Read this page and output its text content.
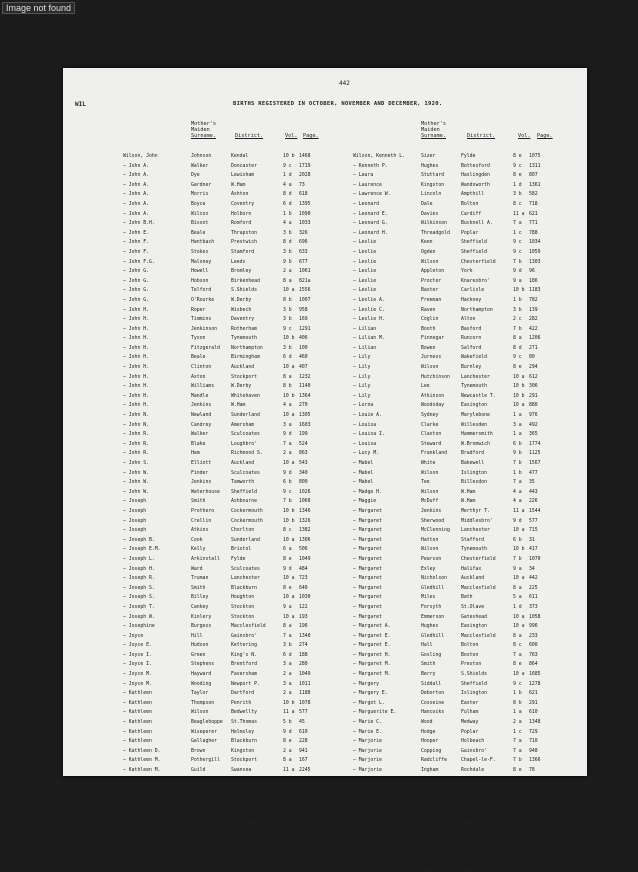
Image not found
442
WIL	BIRTHS REGISTERED IN OCTOBER, NOVEMBER AND DECEMBER, 1920.
Mother's
Maiden
Surname.	District.	Vol. Page.
Mother's
Maiden
Surname.	District.	Vol. Page.
Wilson, John	Johnson	Kendal	10 b 1468
— John A.	Walker	Doncaster	9 c	1719
— John A.	Dye	Lewisham	1 d	2028
— John A.	Gardner	W.Ham	4 a	73
— John A.	Morris	Ashton	8 d	618
— John A.	Boyce	Coventry	6 d	1395
— John A.	Wilcox	Holborn	1 b	1090
— John B.H.	Bissot	Romford	4 a	1033
— John E.	Beale	Thrapston	3 b	326
— John F.	Hantbach	Prestwich	8 d	696
— John F.	Stokes	Stamford	3 b	633
— John F.G.	Maloney	Leeds	9 b	677
— John G.	Howell	Bromley	2 a	1061
— John G.	Hobson	Birkenhead	8 a	821a
— John G.	Telford	S.Shields	10 a 1556
— John G.	O'Rourke	W.Derby	8 b	1007
— John H.	Roper	Wisbech	3 b	958
— John H.	Timmins	Daventry	3 b	169
— John H.	Jenkinson	Rotherham	9 c	1291
— John H.	Tyson	Tynemouth	10 b 406
— John H.	Fitzgerald	Northampton	3 b	100
— John H.	Beale	Birmingham	6 d	460
— John H.	Clinton	Auckland	10 a 407
— John H.	Aston	Stockport	8 a	1232
— John H.	Williams	W.Derby	8 b	1140
— John H.	Mandle	Whitehaven	10 b 1364
— John H.	Jenkins	W.Ham	4 a	270
— John N.	Newland	Sunderland	10 a 1305
— John N.	Candrey	Amersham	3 a	1603
— John R.	Walker	Sculcoates	9 d	199
— John R.	Blake	Loughbro'	7 a	524
— John R.	Ham	Richmond S.	2 a	863
— John S.	Elliott	Auckland	10 a 543
— John W.	Finder	Sculcoates	9 d	340
— John W.	Jenkins	Tamworth	6 b	800
— John W.	Waterhouse	Sheffield	9 c	1026
— Joseph	Smith	Ashbourne	7 b	1060
— Joseph	Prothero	Cockermouth	10 b 1346
— Joseph	Crellin	Cockermouth	10 b 1326
— Joseph	Atkins	Chorlton	8 c	1382
— Joseph B.	Cook	Sunderland	10 a 1306
— Joseph E.M.	Kelly	Bristol	6 a	506
— Joseph L.	Arkinstall	Fylde	8 e	1049
— Joseph H.	Ward	Sculcoates	9 d	484
— Joseph R.	Truman	Lanchester	10 a 723
— Joseph S.	Smith	Blackburn	8 e	640
— Joseph S.	Billey	Houghton	10 a 1030
— Joseph T.	Cankey	Stockton	9 a	122
— Joseph W.	Kinlery	Stockton	10 a 193
— Josephine	Burgess	Macclesfield	8 a	196
— Joyce	Hill	Gainsbro'	7 a	1340
— Joyce E.	Hudson	Kettering	3 b	274
— Joyce I.	Green	King's N.	6 d	188
— Joyce I.	Stephens	Brentford	3 a	280
— Joyce M.	Hayward	Faversham	2 a	1049
— Joyce M.	Wooding	Newport P.	3 a	1011
— Kathleen	Taylor	Dartford	2 a	1188
— Kathleen	Thompson	Penrith	10 b 1078
— Kathleen	Wilson	Bedwellty	11 a 577
— Kathleen	Beaglehoppe	St.Thomas	5 b	45
— Kathleen	Wiseperer	Helmsley	9 d	610
— Kathleen	Gallagher	Blackburn	8 e	228
— Kathleen D.	Brown	Kingston	2 a	941
— Kathleen M.	Pothergill	Stockport	8 a	167
— Kathleen M.	Guild	Swansea	11 a 2245
— Kathleen M.	Davey	Bowden	8 a	152
— Kathleen T.	Lester	Dorchester	5 a	589
— Kenneth	Bennett	Chesterfield	7 b	1006
— Kenneth	Byers	Longtown	10 b 1113
— Kenneth	Harvey	Hollingbm	8 a	246
— Kenneth	Cundall	Oldham	8 d	1186
— Kenneth A.	Dixon	Bourne	7 a	649
— Kenneth G.	Young	York	9 d	75
— Kenneth F.	Dennison	Chester	8 a	506
— Kenneth G.	Hodgson	Hartlepool	10 a 205
Wilson, Kenneth L.	Sizer	Fylde	8 e	1075
— Kenneth P.	Hughes	Bottesford	9 c	1311
— Laura	Stuttard	Haslingden	8 e	807
— Laurence	Kingston	Wandsworth	1 d	1361
— Lawrence W.	Lincoln	Ampthill	3 b	582
— Leonard	Dale	Bolton	8 c	718
— Leonard E.	Davies	Cardiff	11 a 621
— Leonard G.	Wilkinson	Bucknell A.	7 a	771
— Leonard H.	Threadgold	Poplar	1 c	788
— Leslie	Keen	Sheffield	9 c	1034
— Leslie	Ogden	Sheffield	9 c	1059
— Leslie	Wilson	Chesterfield	7 b	1303
— Leslie	Appleton	York	9 d	96
— Leslie	Procter	Knaresbro'	9 a	186
— Leslie	Baxter	Carlisle	10 b 1183
— Leslie A.	Freeman	Hackney	1 b	782
— Leslie C.	Raven	Northampton	3 b	139
— Leslie H.	Coglin	Alton	2 c	282
— Lilian	Booth	Basford	7 b	422
— Lilian M.	Finnegar	Runcorn	8 a	1206
— Lilian	Bowen	Salford	8 d	271
— Lily	Jurness	Wakefield	9 c	80
— Lily	Wilson	Burnley	8 e	294
— Lily	Hutchinson	Lanchester	10 a 612
— Lily	Lee	Tynemouth	10 b 306
— Lily	Atkinson	Newcastle T.	10 b 291
— Lorna	Woodsday	Easington	10 a 880
— Louie A.	Sydney	Marylebone	1 a	976
— Louisa	Clarke	Willesden	3 a	492
— Louisa I.	Claxton	Hammersmith	1 a	365
— Louisa	Steward	W.Bromwich	6 b	1774
— Lucy M.	Frankland	Bradford	9 b	1125
— Mabel	White	Bakewell	7 b	1567
— Mabel	Wilson	Islington	1 b	477
— Mabel	Tee	Billesdon	7 a	35
— Madge H.	Wilson	W.Ham	4 a	443
— Maggie	McDuff	W.Ham	4 a	226
— Margaret	Jenkins	Merthyr T.	11 a 1544
— Margaret	Sherwood	Middlesbro'	9 d	577
— Margaret	McClenning	Lanchester	10 a 715
— Margaret	Hatton	Stafford	6 b	31
— Margaret	Wilson	Tynemouth	10 b 417
— Margaret	Pearson	Chesterfield	7 b	1070
— Margaret	Exley	Halifax	9 a	34
— Margaret	Nicholson	Auckland	10 a 442
— Margaret	Gledhill	Macclesfield	8 a	225
— Margaret	Miles	Bath	5 a	611
— Margaret	Forsyth	St.Olave	1 d	373
— Margaret	Emmerson	Gateshead	10 a 1058
— Margaret A.	Hughes	Easington	10 a 996
— Margaret E.	Gledhill	Macclesfield	8 a	233
— Margaret E.	Hall	Bolton	8 c	600
— Margaret H.	Gosling	Boston	7 a	763
— Margaret M.	Smith	Preston	8 e	864
— Margaret M.	Berry	S.Shields	10 a 1685
— Margery	Siddall	Sheffield	9 c	1278
— Margery E.	Deborton	Islington	1 b	621
— Margot L.	Cosseine	Easter	8 b	291
— Marguerite E.	Hancocks	Fulham	1 a	610
— Marie C.	Wood	Medway	2 a	1348
— Marie E.	Hodge	Poplar	1 c	729
— Marjorie	Hooper	Holbeach	7 a	710
— Marjorie	Copping	Gainsbro'	7 a	948
— Marjorie	Radcliffe	Chapel-le-F.	7 b	1366
— Marjorie	Ingham	Rochdale	8 e	78
— Marjorie	Gibson	Basford	7 b	308
— Marjorie	Shaw	Stockport	8 a	43
— Marjorie	Bailey	Stockport	8 a	63
— Marjorie	Copping	Gainsbro'	7 a	948
— Marjorie E.	Moore	Hackney	1 b	691
— Marjorie E.	Riggs	Brentford	3 a	168
— Marjorie L.	Dibben	Havant	2 b	686
— Marjorie T.H.	Martin	W.Ham	4 a	425
— Marjory H.	Wilson	Abingdon	3 a	540
— Mark L.	Laverick	Lanchester	10 a 529
